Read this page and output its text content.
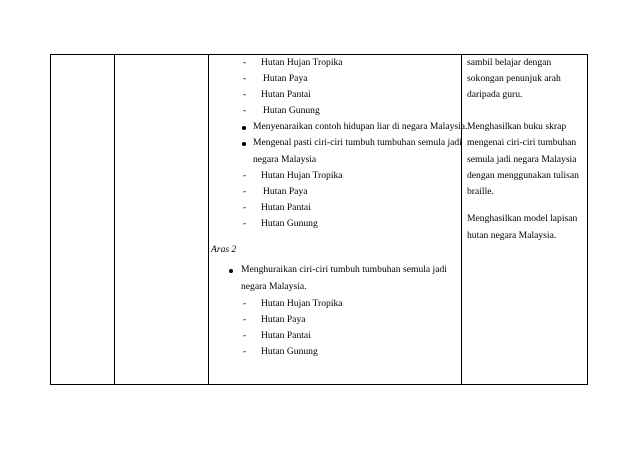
- Hutan Hujan Tropika
- Hutan Paya
- Hutan Pantai
- Hutan Gunung
Menyenaraikan contoh hidupan liar di negara Malaysia.
Mengenal pasti ciri-ciri tumbuh tumbuhan semula jadi
negara Malaysia
- Hutan Hujan Tropika
- Hutan Paya
- Hutan Pantai
- Hutan Gunung
Aras 2
Menghuraikan ciri-ciri tumbuh tumbuhan semula jadi
negara Malaysia.
- Hutan Hujan Tropika
- Hutan Paya
- Hutan Pantai
- Hutan Gunung
sambil belajar dengan
sokongan penunjuk arah
daripada guru.
Menghasilkan buku skrap
mengenai ciri-ciri tumbuhan
semula jadi negara Malaysia
dengan menggunakan tulisan
braille.
Menghasilkan model lapisan
hutan negara Malaysia.
